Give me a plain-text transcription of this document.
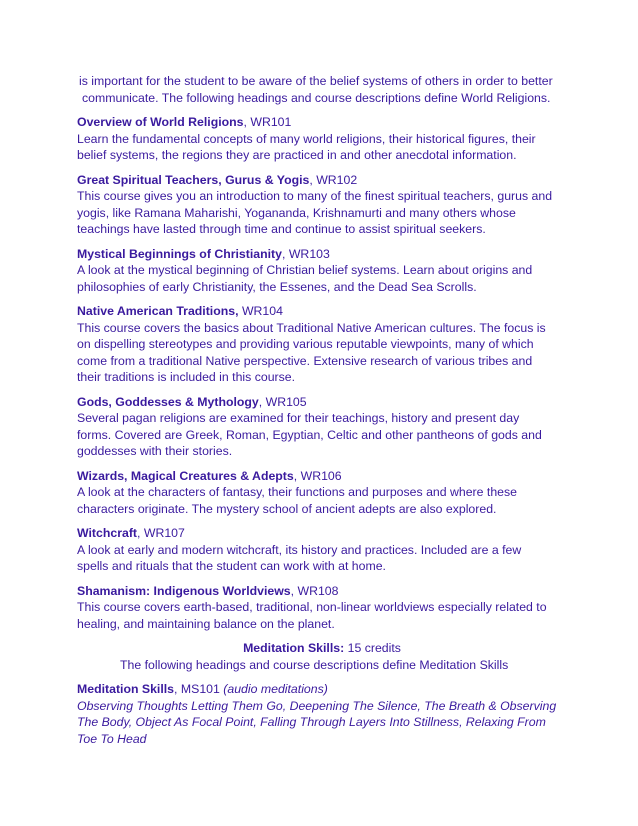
is important for the student to be aware of the belief systems of others in order to better
communicate. The following headings and course descriptions define World Religions.
Overview of World Religions, WR101
Learn the fundamental concepts of many world religions, their historical figures, their
belief systems, the regions they are practiced in and other anecdotal information.
Great Spiritual Teachers, Gurus & Yogis, WR102
This course gives you an introduction to many of the finest spiritual teachers, gurus and
yogis, like Ramana Maharishi, Yogananda, Krishnamurti and many others whose
teachings have lasted through time and continue to assist spiritual seekers.
Mystical Beginnings of Christianity, WR103
A look at the mystical beginning of Christian belief systems. Learn about origins and
philosophies of early Christianity, the Essenes, and the Dead Sea Scrolls.
Native American Traditions, WR104
This course covers the basics about Traditional Native American cultures. The focus is
on dispelling stereotypes and providing various reputable viewpoints, many of which
come from a traditional Native perspective. Extensive research of various tribes and
their traditions is included in this course.
Gods, Goddesses & Mythology, WR105
Several pagan religions are examined for their teachings, history and present day
forms. Covered are Greek, Roman, Egyptian, Celtic and other pantheons of gods and
goddesses with their stories.
Wizards, Magical Creatures & Adepts, WR106
A look at the characters of fantasy, their functions and purposes and where these
characters originate. The mystery school of ancient adepts are also explored.
Witchcraft, WR107
A look at early and modern witchcraft, its history and practices. Included are a few
spells and rituals that the student can work with at home.
Shamanism: Indigenous Worldviews, WR108
This course covers earth-based, traditional, non-linear worldviews especially related to
healing, and maintaining balance on the planet.
Meditation Skills: 15 credits
The following headings and course descriptions define Meditation Skills
Meditation Skills, MS101 (audio meditations)
Observing Thoughts Letting Them Go, Deepening The Silence, The Breath & Observing
The Body, Object As Focal Point, Falling Through Layers Into Stillness, Relaxing From
Toe To Head
